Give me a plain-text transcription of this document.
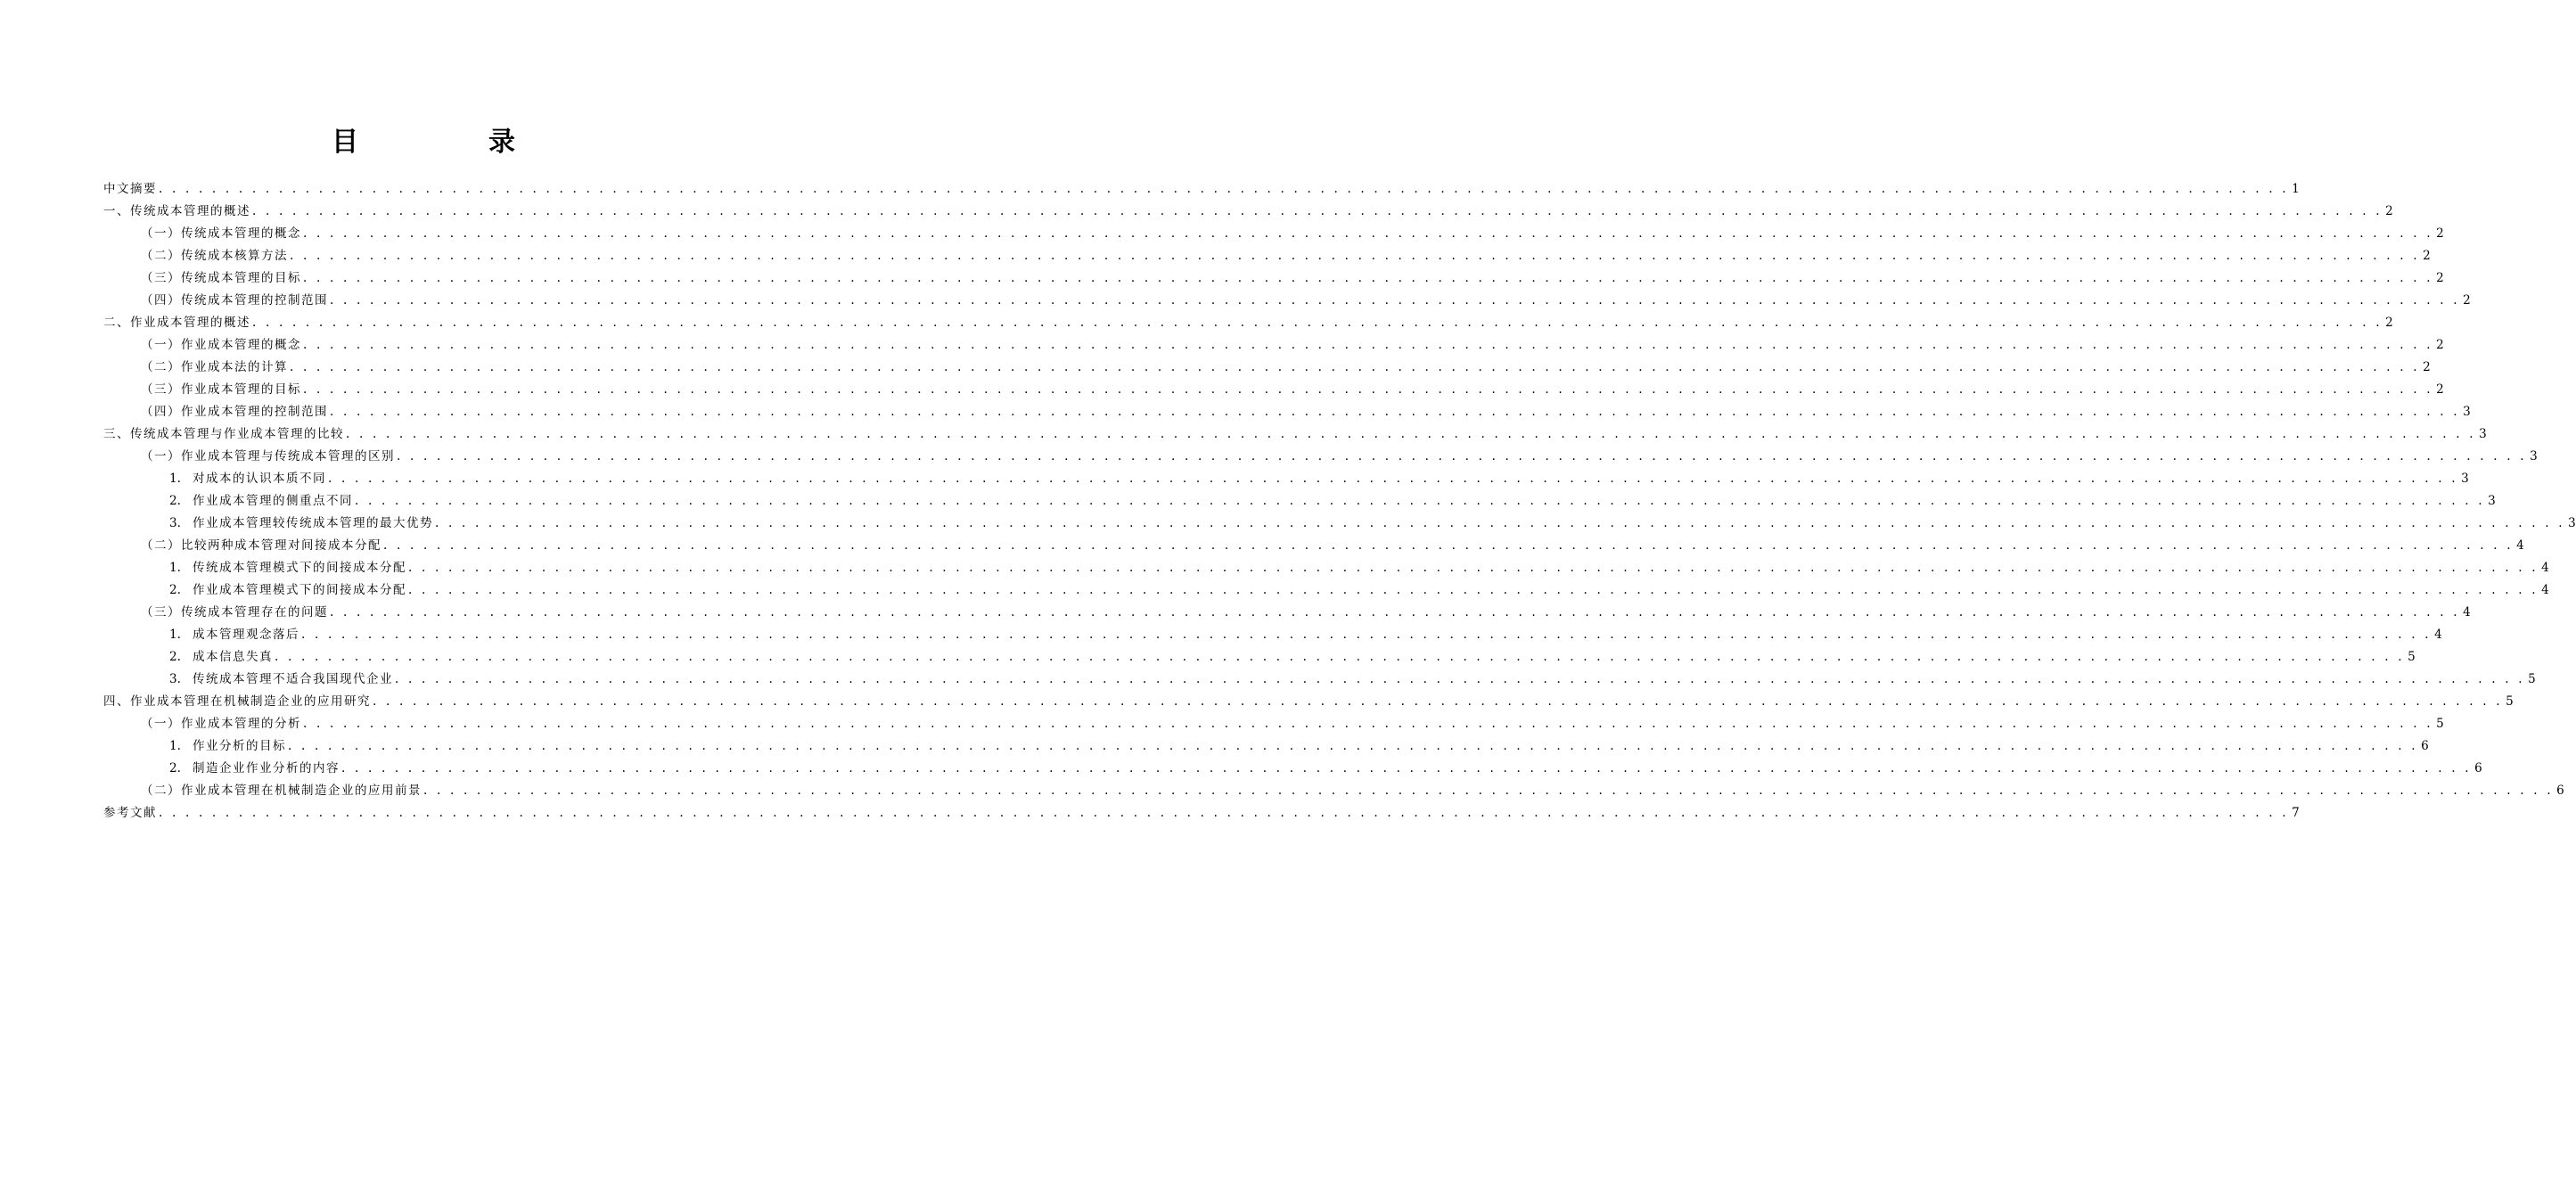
目　录
中文摘要 . . . . . . . . . . . . . . . . . . . . . . . . . . . . . . . . . . . . . . . . . . . . . . . . . . . . . . . . . . . . . . . . . . . . . . . . . . . . . . . . . . . . . . . . . . . . . . . . . . . . . . . . . . . . . . . . . . . . . . . . . . . . . . . . . . . . . . . . . . . . . . . . . . . . . . . . . . . . . . . . 1
一、传统成本管理的概述 . . . . . . . . . . . . . . . . . . . . . . . . . . . . . . . . . . . . . . . . . . . . . . . . . . . . . . . . . . . . . . . . . . . . . . . . . . . . . . . . . . . . . . . . . . . . . . . . . . . . . . . . . . . . . . . . . . . . . . . . . . . . . . . . . . . . . . . . . . . . . . . . . . . . . . . . . . . . . . . . 2
（一）传统成本管理的概念 . . . . . . . . . . . . . . . . . . . . . . . . . . . . . . . . . . . . . . . . . . . . . . . . . . . . . . . . . . . . . . . . . . . . . . . . . . . . . . . . . . . . . . . . . . . . . . . . . . . . . . . . . . . . . . . . . . . . . . . . . . . . . . . . . . . . . . . . . . . . . . . . . . . . . . . . . . . . . . . . 2
（二）传统成本核算方法 . . . . . . . . . . . . . . . . . . . . . . . . . . . . . . . . . . . . . . . . . . . . . . . . . . . . . . . . . . . . . . . . . . . . . . . . . . . . . . . . . . . . . . . . . . . . . . . . . . . . . . . . . . . . . . . . . . . . . . . . . . . . . . . . . . . . . . . . . . . . . . . . . . . . . . . . . . . . . . . . 2
（三）传统成本管理的目标 . . . . . . . . . . . . . . . . . . . . . . . . . . . . . . . . . . . . . . . . . . . . . . . . . . . . . . . . . . . . . . . . . . . . . . . . . . . . . . . . . . . . . . . . . . . . . . . . . . . . . . . . . . . . . . . . . . . . . . . . . . . . . . . . . . . . . . . . . . . . . . . . . . . . . . . . . . . . . . . . 2
（四）传统成本管理的控制范围 . . . . . . . . . . . . . . . . . . . . . . . . . . . . . . . . . . . . . . . . . . . . . . . . . . . . . . . . . . . . . . . . . . . . . . . . . . . . . . . . . . . . . . . . . . . . . . . . . . . . . . . . . . . . . . . . . . . . . . . . . . . . . . . . . . . . . . . . . . . . . . . . . . . . . . . . . . . . . . . . 2
二、作业成本管理的概述 . . . . . . . . . . . . . . . . . . . . . . . . . . . . . . . . . . . . . . . . . . . . . . . . . . . . . . . . . . . . . . . . . . . . . . . . . . . . . . . . . . . . . . . . . . . . . . . . . . . . . . . . . . . . . . . . . . . . . . . . . . . . . . . . . . . . . . . . . . . . . . . . . . . . . . . . . . . . . . . . 2
（一）作业成本管理的概念 . . . . . . . . . . . . . . . . . . . . . . . . . . . . . . . . . . . . . . . . . . . . . . . . . . . . . . . . . . . . . . . . . . . . . . . . . . . . . . . . . . . . . . . . . . . . . . . . . . . . . . . . . . . . . . . . . . . . . . . . . . . . . . . . . . . . . . . . . . . . . . . . . . . . . . . . . . . . . . . . 2
（二）作业成本法的计算 . . . . . . . . . . . . . . . . . . . . . . . . . . . . . . . . . . . . . . . . . . . . . . . . . . . . . . . . . . . . . . . . . . . . . . . . . . . . . . . . . . . . . . . . . . . . . . . . . . . . . . . . . . . . . . . . . . . . . . . . . . . . . . . . . . . . . . . . . . . . . . . . . . . . . . . . . . . . . . . . 2
（三）作业成本管理的目标 . . . . . . . . . . . . . . . . . . . . . . . . . . . . . . . . . . . . . . . . . . . . . . . . . . . . . . . . . . . . . . . . . . . . . . . . . . . . . . . . . . . . . . . . . . . . . . . . . . . . . . . . . . . . . . . . . . . . . . . . . . . . . . . . . . . . . . . . . . . . . . . . . . . . . . . . . . . . . . . . 2
（四）作业成本管理的控制范围 . . . . . . . . . . . . . . . . . . . . . . . . . . . . . . . . . . . . . . . . . . . . . . . . . . . . . . . . . . . . . . . . . . . . . . . . . . . . . . . . . . . . . . . . . . . . . . . . . . . . . . . . . . . . . . . . . . . . . . . . . . . . . . . . . . . . . . . . . . . . . . . . . . . . . . . . . . . . . . . . 3
三、传统成本管理与作业成本管理的比较 . . . . . . . . . . . . . . . . . . . . . . . . . . . . . . . . . . . . . . . . . . . . . . . . . . . . . . . . . . . . . . . . . . . . . . . . . . . . . . . . . . . . . . . . . . . . . . . . . . . . . . . . . . . . . . . . . . . . . . . . . . . . . . . . . . . . . . . . . . . . . . . . . . . . . . . . . . . . . . . . 3
（一）作业成本管理与传统成本管理的区别 . . . . . . . . . . . . . . . . . . . . . . . . . . . . . . . . . . . . . . . . . . . . . . . . . . . . . . . . . . . . . . . . . . . . . . . . . . . . . . . . . . . . . . . . . . . . . . . . . . . . . . . . . . . . . . . . . . . . . . . . . . . . . . . . . . . . . . . . . . . . . . . . . . . . . . . . . . . . . . . . 3
1. 对成本的认识本质不同 . . . . . . . . . . . . . . . . . . . . . . . . . . . . . . . . . . . . . . . . . . . . . . . . . . . . . . . . . . . . . . . . . . . . . . . . . . . . . . . . . . . . . . . . . . . . . . . . . . . . . . . . . . . . . . . . . . . . . . . . . . . . . . . . . . . . . . . . . . . . . . . . . . . . . . . . . . . . . . . . 3
2. 作业成本管理的侧重点不同 . . . . . . . . . . . . . . . . . . . . . . . . . . . . . . . . . . . . . . . . . . . . . . . . . . . . . . . . . . . . . . . . . . . . . . . . . . . . . . . . . . . . . . . . . . . . . . . . . . . . . . . . . . . . . . . . . . . . . . . . . . . . . . . . . . . . . . . . . . . . . . . . . . . . . . . . . . . . . . . . 3
3. 作业成本管理较传统成本管理的最大优势 . . . . . . . . . . . . . . . . . . . . . . . . . . . . . . . . . . . . . . . . . . . . . . . . . . . . . . . . . . . . . . . . . . . . . . . . . . . . . . . . . . . . . . . . . . . . . . . . . . . . . . . . . . . . . . . . . . . . . . . . . . . . . . . . . . . . . . . . . . . . . . . . . . . . . . . . . . . . . . . . 3
（二）比较两种成本管理对间接成本分配 . . . . . . . . . . . . . . . . . . . . . . . . . . . . . . . . . . . . . . . . . . . . . . . . . . . . . . . . . . . . . . . . . . . . . . . . . . . . . . . . . . . . . . . . . . . . . . . . . . . . . . . . . . . . . . . . . . . . . . . . . . . . . . . . . . . . . . . . . . . . . . . . . . . . . . . . . . . . . . . . 4
1. 传统成本管理模式下的间接成本分配 . . . . . . . . . . . . . . . . . . . . . . . . . . . . . . . . . . . . . . . . . . . . . . . . . . . . . . . . . . . . . . . . . . . . . . . . . . . . . . . . . . . . . . . . . . . . . . . . . . . . . . . . . . . . . . . . . . . . . . . . . . . . . . . . . . . . . . . . . . . . . . . . . . . . . . . . . . . . . . . . 4
2. 作业成本管理模式下的间接成本分配 . . . . . . . . . . . . . . . . . . . . . . . . . . . . . . . . . . . . . . . . . . . . . . . . . . . . . . . . . . . . . . . . . . . . . . . . . . . . . . . . . . . . . . . . . . . . . . . . . . . . . . . . . . . . . . . . . . . . . . . . . . . . . . . . . . . . . . . . . . . . . . . . . . . . . . . . . . . . . . . . 4
（三）传统成本管理存在的问题 . . . . . . . . . . . . . . . . . . . . . . . . . . . . . . . . . . . . . . . . . . . . . . . . . . . . . . . . . . . . . . . . . . . . . . . . . . . . . . . . . . . . . . . . . . . . . . . . . . . . . . . . . . . . . . . . . . . . . . . . . . . . . . . . . . . . . . . . . . . . . . . . . . . . . . . . . . . . . . . . 4
1. 成本管理观念落后 . . . . . . . . . . . . . . . . . . . . . . . . . . . . . . . . . . . . . . . . . . . . . . . . . . . . . . . . . . . . . . . . . . . . . . . . . . . . . . . . . . . . . . . . . . . . . . . . . . . . . . . . . . . . . . . . . . . . . . . . . . . . . . . . . . . . . . . . . . . . . . . . . . . . . . . . . . . . . . . . 4
2. 成本信息失真 . . . . . . . . . . . . . . . . . . . . . . . . . . . . . . . . . . . . . . . . . . . . . . . . . . . . . . . . . . . . . . . . . . . . . . . . . . . . . . . . . . . . . . . . . . . . . . . . . . . . . . . . . . . . . . . . . . . . . . . . . . . . . . . . . . . . . . . . . . . . . . . . . . . . . . . . . . . . . . . . 5
3. 传统成本管理不适合我国现代企业 . . . . . . . . . . . . . . . . . . . . . . . . . . . . . . . . . . . . . . . . . . . . . . . . . . . . . . . . . . . . . . . . . . . . . . . . . . . . . . . . . . . . . . . . . . . . . . . . . . . . . . . . . . . . . . . . . . . . . . . . . . . . . . . . . . . . . . . . . . . . . . . . . . . . . . . . . . . . . . . . 5
四、作业成本管理在机械制造企业的应用研究 . . . . . . . . . . . . . . . . . . . . . . . . . . . . . . . . . . . . . . . . . . . . . . . . . . . . . . . . . . . . . . . . . . . . . . . . . . . . . . . . . . . . . . . . . . . . . . . . . . . . . . . . . . . . . . . . . . . . . . . . . . . . . . . . . . . . . . . . . . . . . . . . . . . . . . . . . . . . . . . . 5
（一）作业成本管理的分析 . . . . . . . . . . . . . . . . . . . . . . . . . . . . . . . . . . . . . . . . . . . . . . . . . . . . . . . . . . . . . . . . . . . . . . . . . . . . . . . . . . . . . . . . . . . . . . . . . . . . . . . . . . . . . . . . . . . . . . . . . . . . . . . . . . . . . . . . . . . . . . . . . . . . . . . . . . . . . . . . 5
1. 作业分析的目标 . . . . . . . . . . . . . . . . . . . . . . . . . . . . . . . . . . . . . . . . . . . . . . . . . . . . . . . . . . . . . . . . . . . . . . . . . . . . . . . . . . . . . . . . . . . . . . . . . . . . . . . . . . . . . . . . . . . . . . . . . . . . . . . . . . . . . . . . . . . . . . . . . . . . . . . . . . . . . . . . 6
2. 制造企业作业分析的内容 . . . . . . . . . . . . . . . . . . . . . . . . . . . . . . . . . . . . . . . . . . . . . . . . . . . . . . . . . . . . . . . . . . . . . . . . . . . . . . . . . . . . . . . . . . . . . . . . . . . . . . . . . . . . . . . . . . . . . . . . . . . . . . . . . . . . . . . . . . . . . . . . . . . . . . . . . . . . . . . . 6
（二）作业成本管理在机械制造企业的应用前景 . . . . . . . . . . . . . . . . . . . . . . . . . . . . . . . . . . . . . . . . . . . . . . . . . . . . . . . . . . . . . . . . . . . . . . . . . . . . . . . . . . . . . . . . . . . . . . . . . . . . . . . . . . . . . . . . . . . . . . . . . . . . . . . . . . . . . . . . . . . . . . . . . . . . . . . . . . . . . . . . 6
参考文献 . . . . . . . . . . . . . . . . . . . . . . . . . . . . . . . . . . . . . . . . . . . . . . . . . . . . . . . . . . . . . . . . . . . . . . . . . . . . . . . . . . . . . . . . . . . . . . . . . . . . . . . . . . . . . . . . . . . . . . . . . . . . . . . . . . . . . . . . . . . . . . . . . . . . . . . . . . . . . . . . 7
